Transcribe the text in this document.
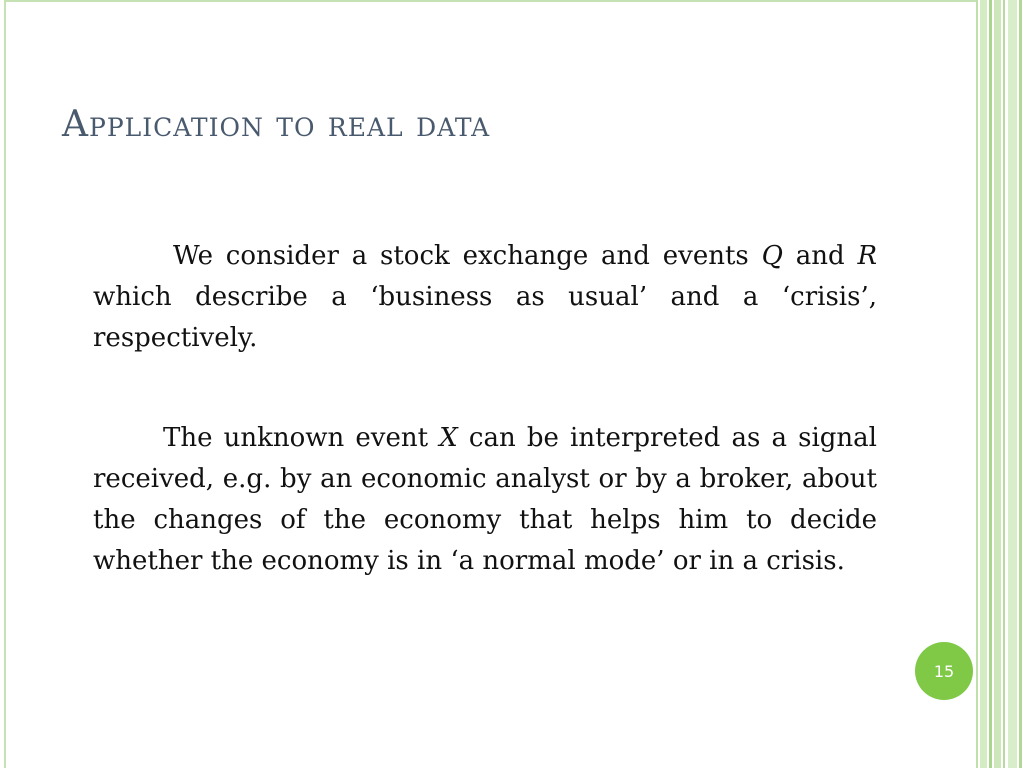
Application to real data

We consider a stock exchange and events Q and R which describe a ‘business as usual’ and a ‘crisis’, respectively.

The unknown event X can be interpreted as a signal received, e.g. by an economic analyst or by a broker, about the changes of the economy that helps him to decide whether the economy is in ‘a normal mode’ or in a crisis.

15
